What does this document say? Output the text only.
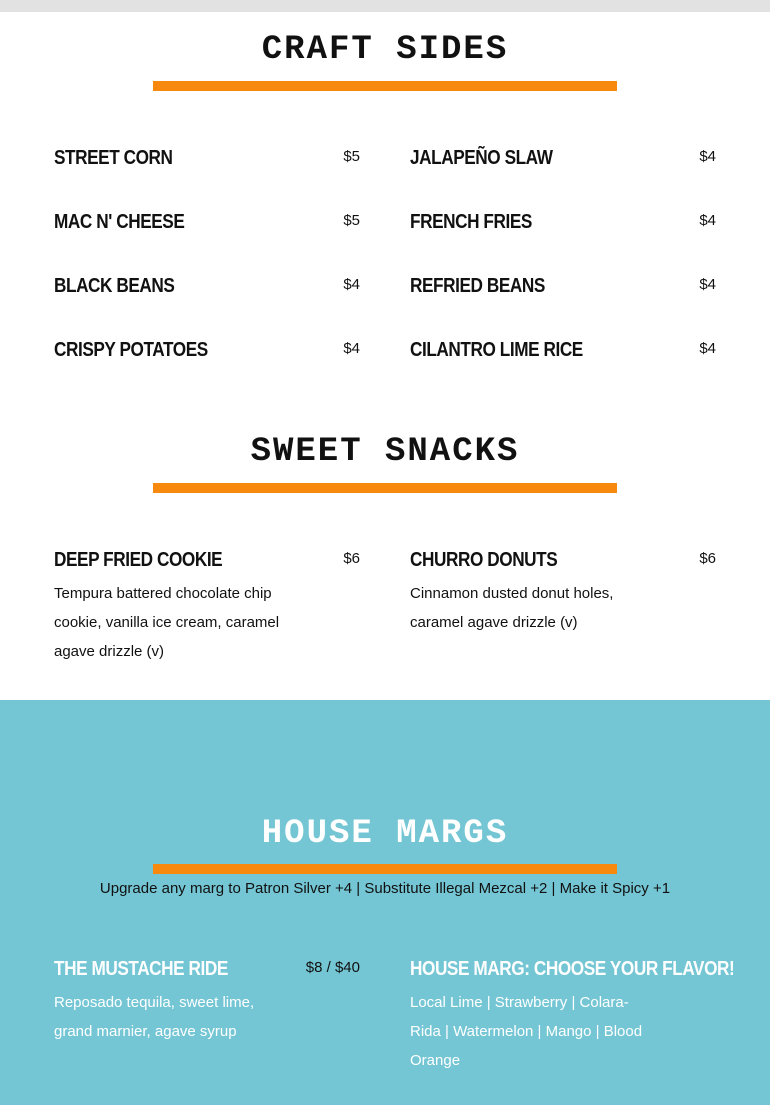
CRAFT SIDES
STREET CORN	$5
MAC N' CHEESE	$5
BLACK BEANS	$4
CRISPY POTATOES	$4
JALAPEÑO SLAW	$4
FRENCH FRIES	$4
REFRIED BEANS	$4
CILANTRO LIME RICE	$4
SWEET SNACKS
DEEP FRIED COOKIE	$6
Tempura battered chocolate chip
cookie, vanilla ice cream, caramel
agave drizzle (v)
CHURRO DONUTS	$6
Cinnamon dusted donut holes,
caramel agave drizzle (v)
HOUSE MARGS
Upgrade any marg to Patron Silver +4 | Substitute Illegal Mezcal +2 | Make it Spicy +1
THE MUSTACHE RIDE	$8 / $40
Reposado tequila, sweet lime,
grand marnier, agave syrup
HOUSE MARG: CHOOSE YOUR FLAVOR!
Local Lime | Strawberry | Colara-
Rida | Watermelon | Mango | Blood
Orange
